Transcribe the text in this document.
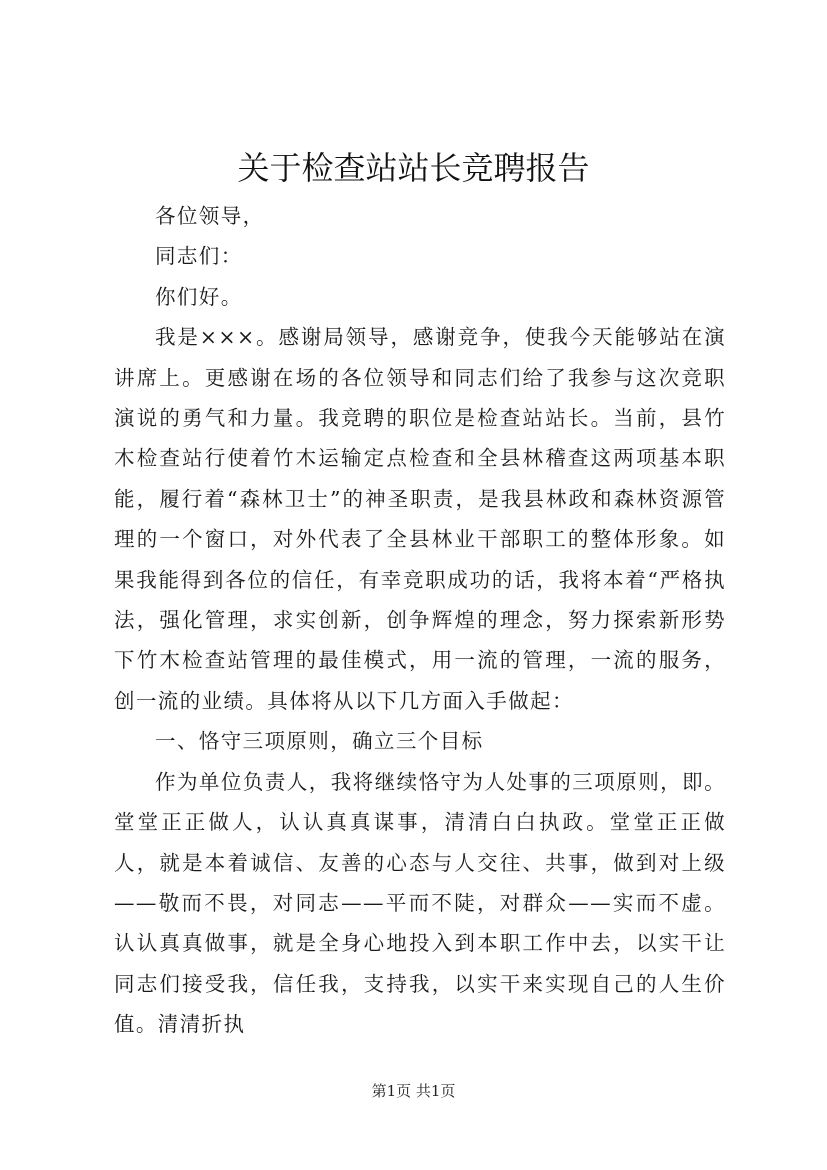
关于检查站站长竞聘报告

各位领导，

同志们：

你们好。

我是×××。感谢局领导，感谢竞争，使我今天能够站在演讲席上。更感谢在场的各位领导和同志们给了我参与这次竞职演说的勇气和力量。我竞聘的职位是检查站站长。当前，县竹木检查站行使着竹木运输定点检查和全县林稽查这两项基本职能，履行着“森林卫士”的神圣职责，是我县林政和森林资源管理的一个窗口，对外代表了全县林业干部职工的整体形象。如果我能得到各位的信任，有幸竞职成功的话，我将本着“严格执法，强化管理，求实创新，创争辉煌的理念，努力探索新形势下竹木检查站管理的最佳模式，用一流的管理，一流的服务，创一流的业绩。具体将从以下几方面入手做起：

一、恪守三项原则，确立三个目标

作为单位负责人，我将继续恪守为人处事的三项原则，即。堂堂正正做人，认认真真谋事，清清白白执政。堂堂正正做人，就是本着诚信、友善的心态与人交往、共事，做到对上级——敬而不畏，对同志——平而不陡，对群众——实而不虚。认认真真做事，就是全身心地投入到本职工作中去，以实干让同志们接受我，信任我，支持我，以实干来实现自己的人生价值。清清折执

第1页 共1页
